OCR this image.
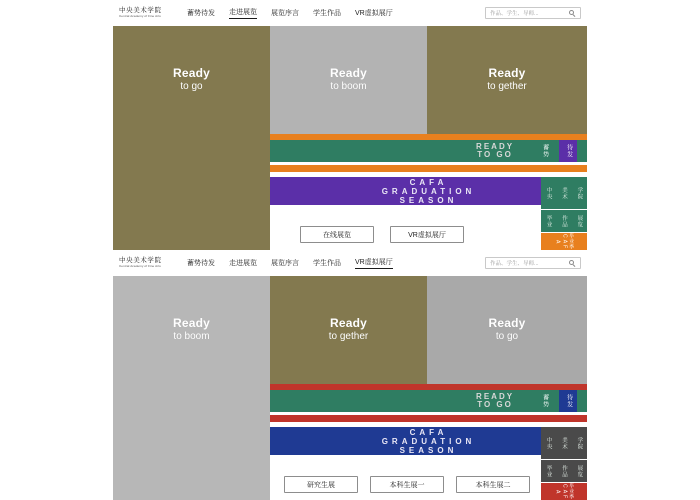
中央美术学院
Central Academy of Fine Arts	蓄势待发 走进展览 展览序言 学生作品 VR虚拟展厅	作品、学生、导师...
Ready
to go
Ready
to boom
Ready
to gether
READY
TO GO
CAFA
GRADUATION
SEASON
蓄势	待发
中央	美术	学院
毕业	作品	展览
毕业季 C A F A
在线展览	VR虚拟展厅
中央美术学院
Central Academy of Fine Arts	蓄势待发 走进展览 展览序言 学生作品 VR虚拟展厅	作品、学生、导师...
Ready
to boom
Ready
to gether
Ready
to go
READY
TO GO
CAFA
GRADUATION
SEASON
蓄势	待发
中央	美术	学院
毕业	作品	展览
毕业季 C A F A
研究生展	本科生展一	本科生展二
